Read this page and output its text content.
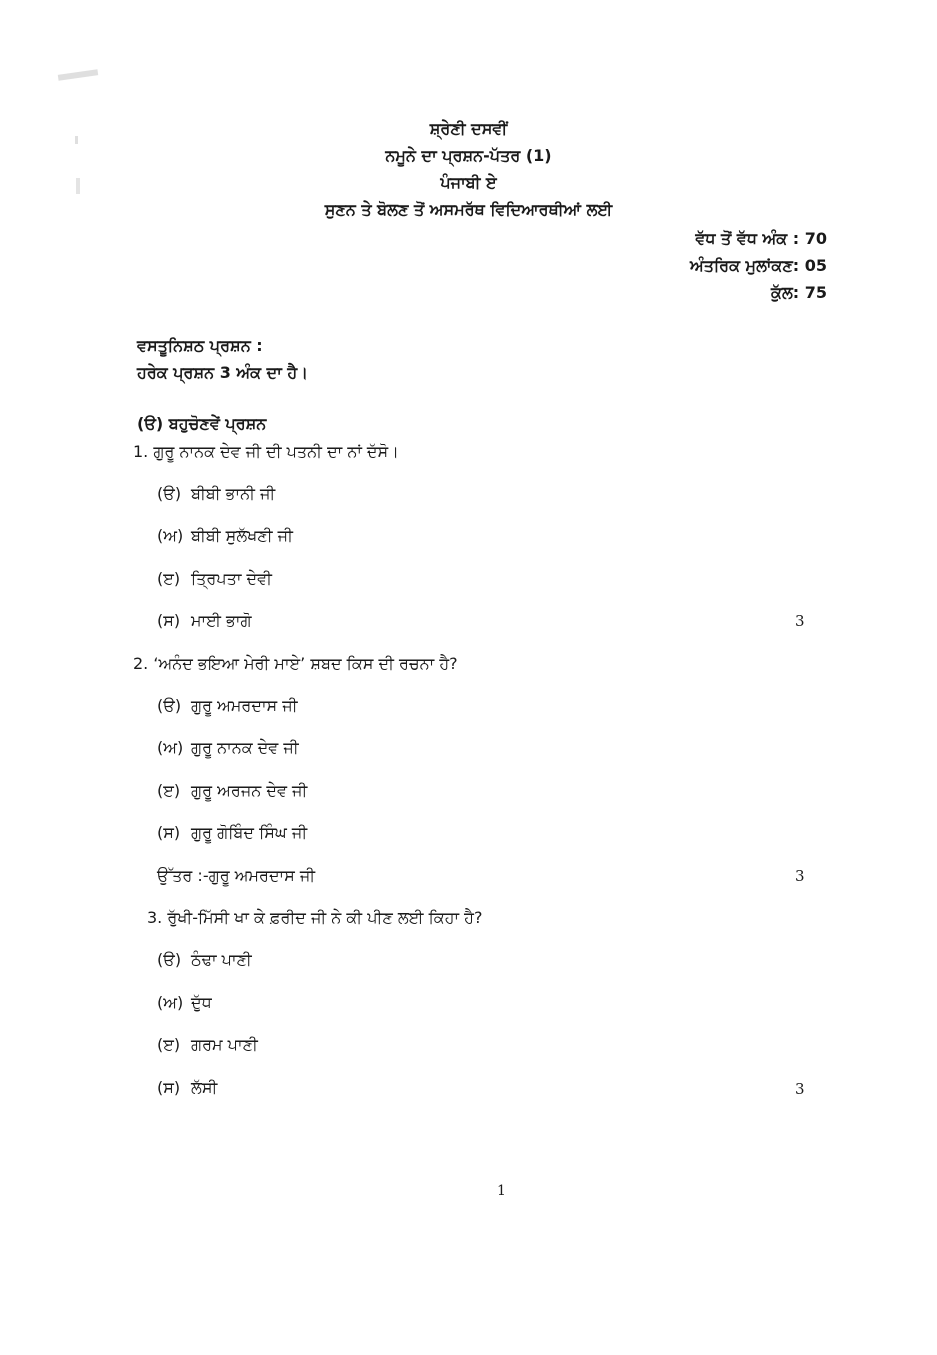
ਸ਼੍ਰੇਣੀ ਦਸਵੀਂ
ਨਮੂਨੇ ਦਾ ਪ੍ਰਸ਼ਨ-ਪੱਤਰ (1)
ਪੰਜਾਬੀ ਏ
ਸੁਣਨ ਤੇ ਬੋਲਣ ਤੋਂ ਅਸਮਰੱਥ ਵਿਦਿਆਰਥੀਆਂ ਲਈ
ਵੱਧ ਤੋਂ ਵੱਧ ਅੰਕ : 70
ਅੰਤਰਿਕ ਮੁਲਾਂਕਣ: 05
ਕੁੱਲ: 75
ਵਸਤੂਨਿਸ਼ਠ ਪ੍ਰਸ਼ਨ :
ਹਰੇਕ ਪ੍ਰਸ਼ਨ 3 ਅੰਕ ਦਾ ਹੈ।
(ੳ) ਬਹੁਚੋਣਵੇਂ ਪ੍ਰਸ਼ਨ
1. ਗੁਰੂ ਨਾਨਕ ਦੇਵ ਜੀ ਦੀ ਪਤਨੀ ਦਾ ਨਾਂ ਦੱਸੋ।
(ੳ) ਬੀਬੀ ਭਾਨੀ ਜੀ
(ਅ) ਬੀਬੀ ਸੁਲੱਖਣੀ ਜੀ
(ੲ) ਤ੍ਰਿਪਤਾ ਦੇਵੀ
(ਸ) ਮਾਈ ਭਾਗੋ	3
2. ‘ਅਨੰਦ ਭਇਆ ਮੇਰੀ ਮਾਏ’ ਸ਼ਬਦ ਕਿਸ ਦੀ ਰਚਨਾ ਹੈ?
(ੳ) ਗੁਰੂ ਅਮਰਦਾਸ ਜੀ
(ਅ) ਗੁਰੂ ਨਾਨਕ ਦੇਵ ਜੀ
(ੲ) ਗੁਰੂ ਅਰਜਨ ਦੇਵ ਜੀ
(ਸ) ਗੁਰੂ ਗੋਬਿੰਦ ਸਿੰਘ ਜੀ
ਉੱਤਰ :-ਗੁਰੂ ਅਮਰਦਾਸ ਜੀ	3
3. ਰੁੱਖੀ-ਮਿੱਸੀ ਖਾ ਕੇ ਫ਼ਰੀਦ ਜੀ ਨੇ ਕੀ ਪੀਣ ਲਈ ਕਿਹਾ ਹੈ?
(ੳ) ਠੰਢਾ ਪਾਣੀ
(ਅ) ਦੁੱਧ
(ੲ) ਗਰਮ ਪਾਣੀ
(ਸ) ਲੱਸੀ	3
1
